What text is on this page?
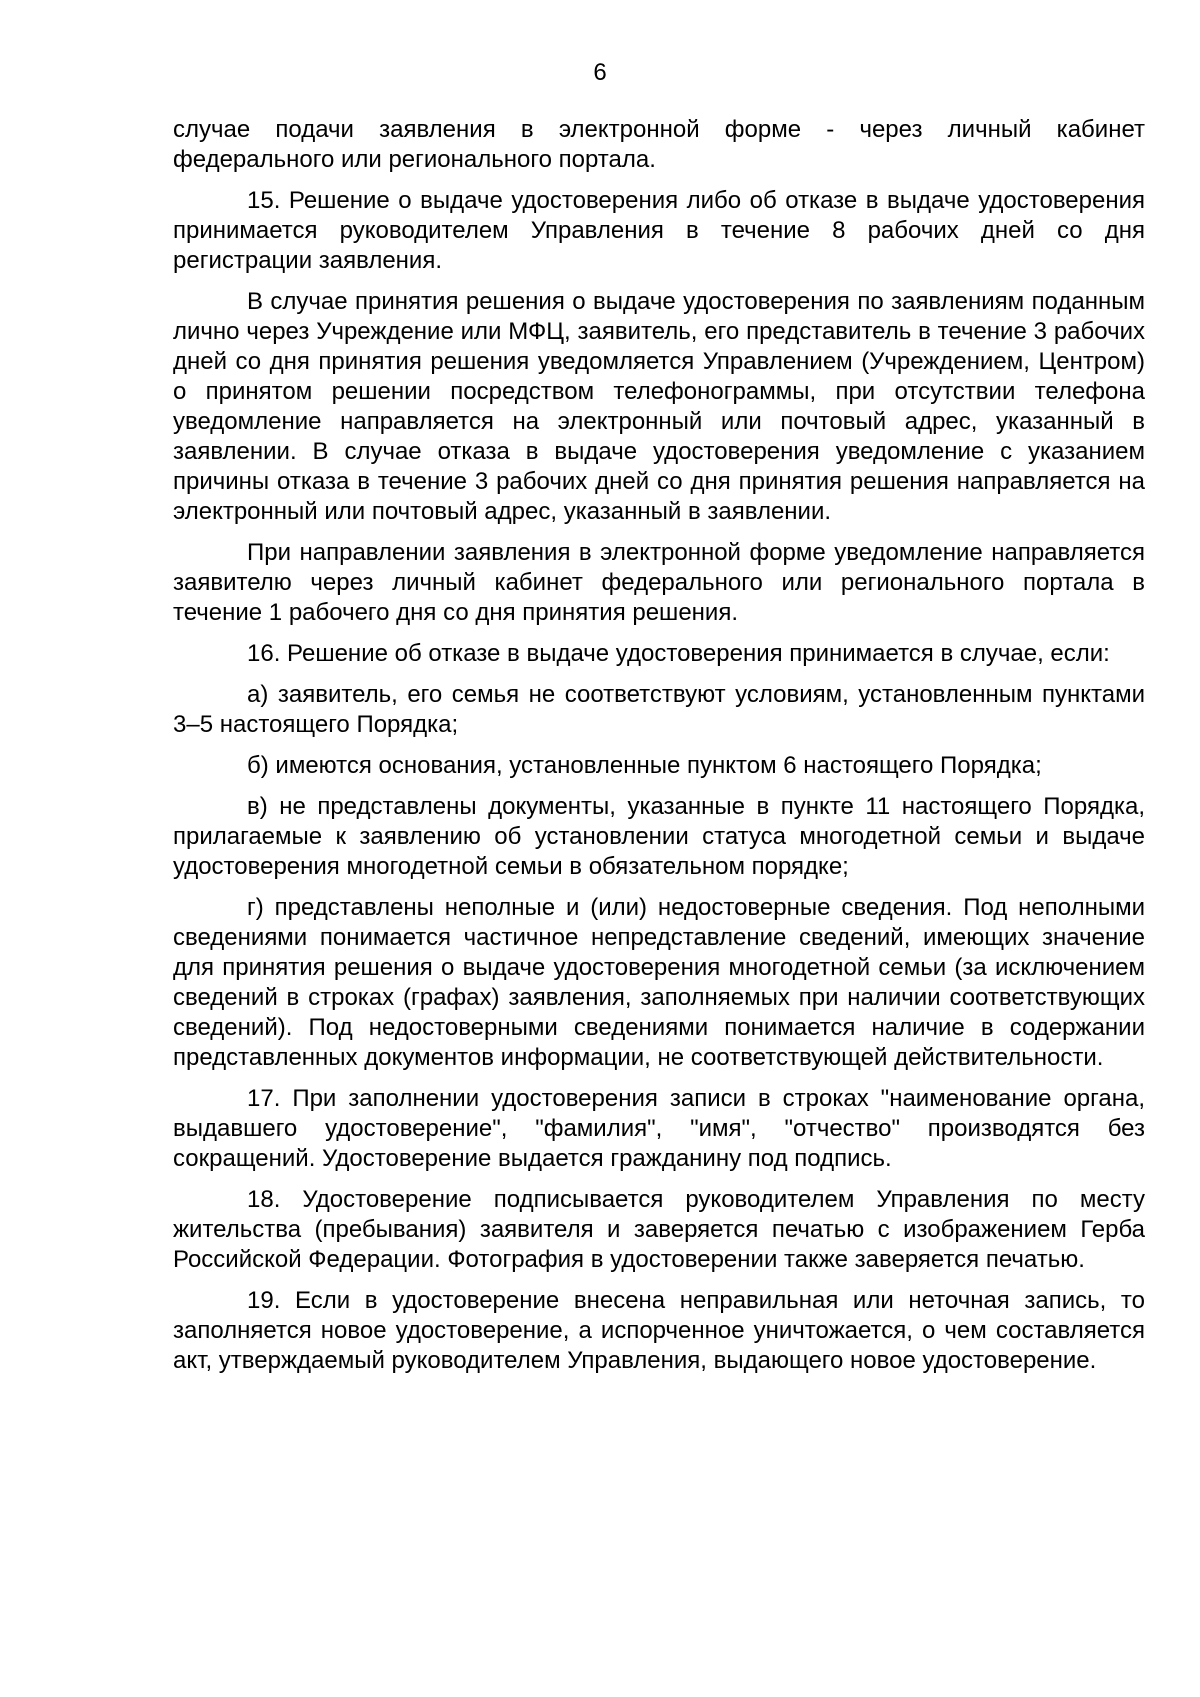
6

случае подачи заявления в электронной форме - через личный кабинет федерального или регионального портала.

15. Решение о выдаче удостоверения либо об отказе в выдаче удостоверения принимается руководителем Управления в течение 8 рабочих дней со дня регистрации заявления.

В случае принятия решения о выдаче удостоверения по заявлениям поданным лично через Учреждение или МФЦ, заявитель, его представитель в течение 3 рабочих дней со дня принятия решения уведомляется Управлением (Учреждением, Центром) о принятом решении посредством телефонограммы, при отсутствии телефона уведомление направляется на электронный или почтовый адрес, указанный в заявлении. В случае отказа в выдаче удостоверения уведомление с указанием причины отказа в течение 3 рабочих дней со дня принятия решения направляется на электронный или почтовый адрес, указанный в заявлении.

При направлении заявления в электронной форме уведомление направляется заявителю через личный кабинет федерального или регионального портала в течение 1 рабочего дня со дня принятия решения.

16. Решение об отказе в выдаче удостоверения принимается в случае, если:

а) заявитель, его семья не соответствуют условиям, установленным пунктами 3–5 настоящего Порядка;

б) имеются основания, установленные пунктом 6 настоящего Порядка;

в) не представлены документы, указанные в пункте 11 настоящего Порядка, прилагаемые к заявлению об установлении статуса многодетной семьи и выдаче удостоверения многодетной семьи в обязательном порядке;

г) представлены неполные и (или) недостоверные сведения. Под неполными сведениями понимается частичное непредставление сведений, имеющих значение для принятия решения о выдаче удостоверения многодетной семьи (за исключением сведений в строках (графах) заявления, заполняемых при наличии соответствующих сведений). Под недостоверными сведениями понимается наличие в содержании представленных документов информации, не соответствующей действительности.

17. При заполнении удостоверения записи в строках "наименование органа, выдавшего удостоверение", "фамилия", "имя", "отчество" производятся без сокращений. Удостоверение выдается гражданину под подпись.

18. Удостоверение подписывается руководителем Управления по месту жительства (пребывания) заявителя и заверяется печатью с изображением Герба Российской Федерации. Фотография в удостоверении также заверяется печатью.

19. Если в удостоверение внесена неправильная или неточная запись, то заполняется новое удостоверение, а испорченное уничтожается, о чем составляется акт, утверждаемый руководителем Управления, выдающего новое удостоверение.
